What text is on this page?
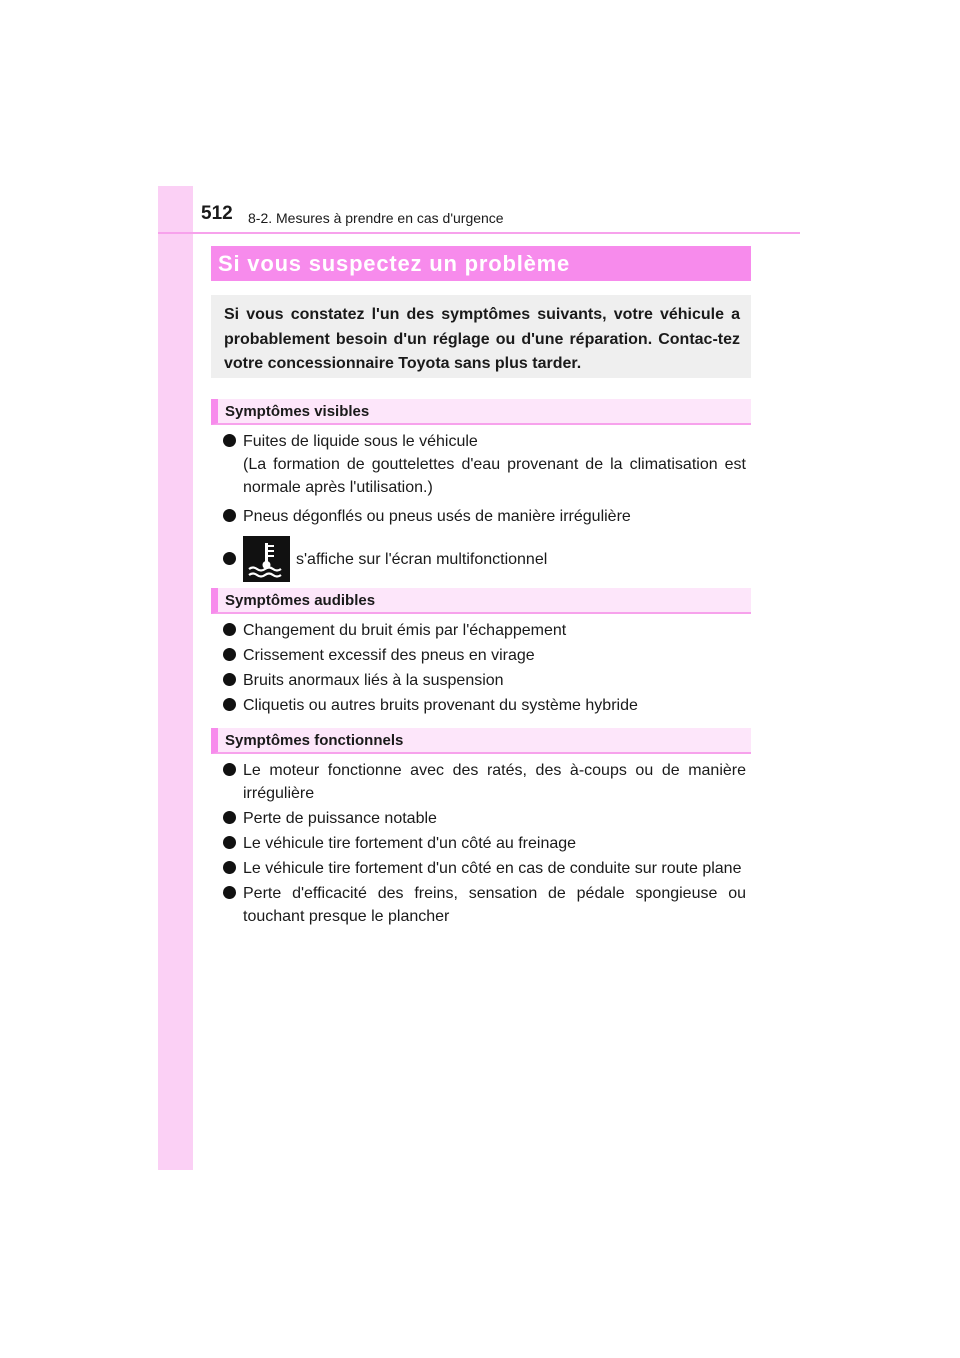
512 8-2. Mesures à prendre en cas d'urgence
Si vous suspectez un problème

Si vous constatez l'un des symptômes suivants, votre véhicule a probablement besoin d'un réglage ou d'une réparation. Contac-tez votre concessionnaire Toyota sans plus tarder.

Symptômes visibles
Fuites de liquide sous le véhicule
(La formation de gouttelettes d'eau provenant de la climatisation est normale après l'utilisation.)
Pneus dégonflés ou pneus usés de manière irrégulière
s'affiche sur l'écran multifonctionnel
Symptômes audibles
Changement du bruit émis par l'échappement
Crissement excessif des pneus en virage
Bruits anormaux liés à la suspension
Cliquetis ou autres bruits provenant du système hybride
Symptômes fonctionnels
Le moteur fonctionne avec des ratés, des à-coups ou de manière irrégulière
Perte de puissance notable
Le véhicule tire fortement d'un côté au freinage
Le véhicule tire fortement d'un côté en cas de conduite sur route plane
Perte d'efficacité des freins, sensation de pédale spongieuse ou touchant presque le plancher
